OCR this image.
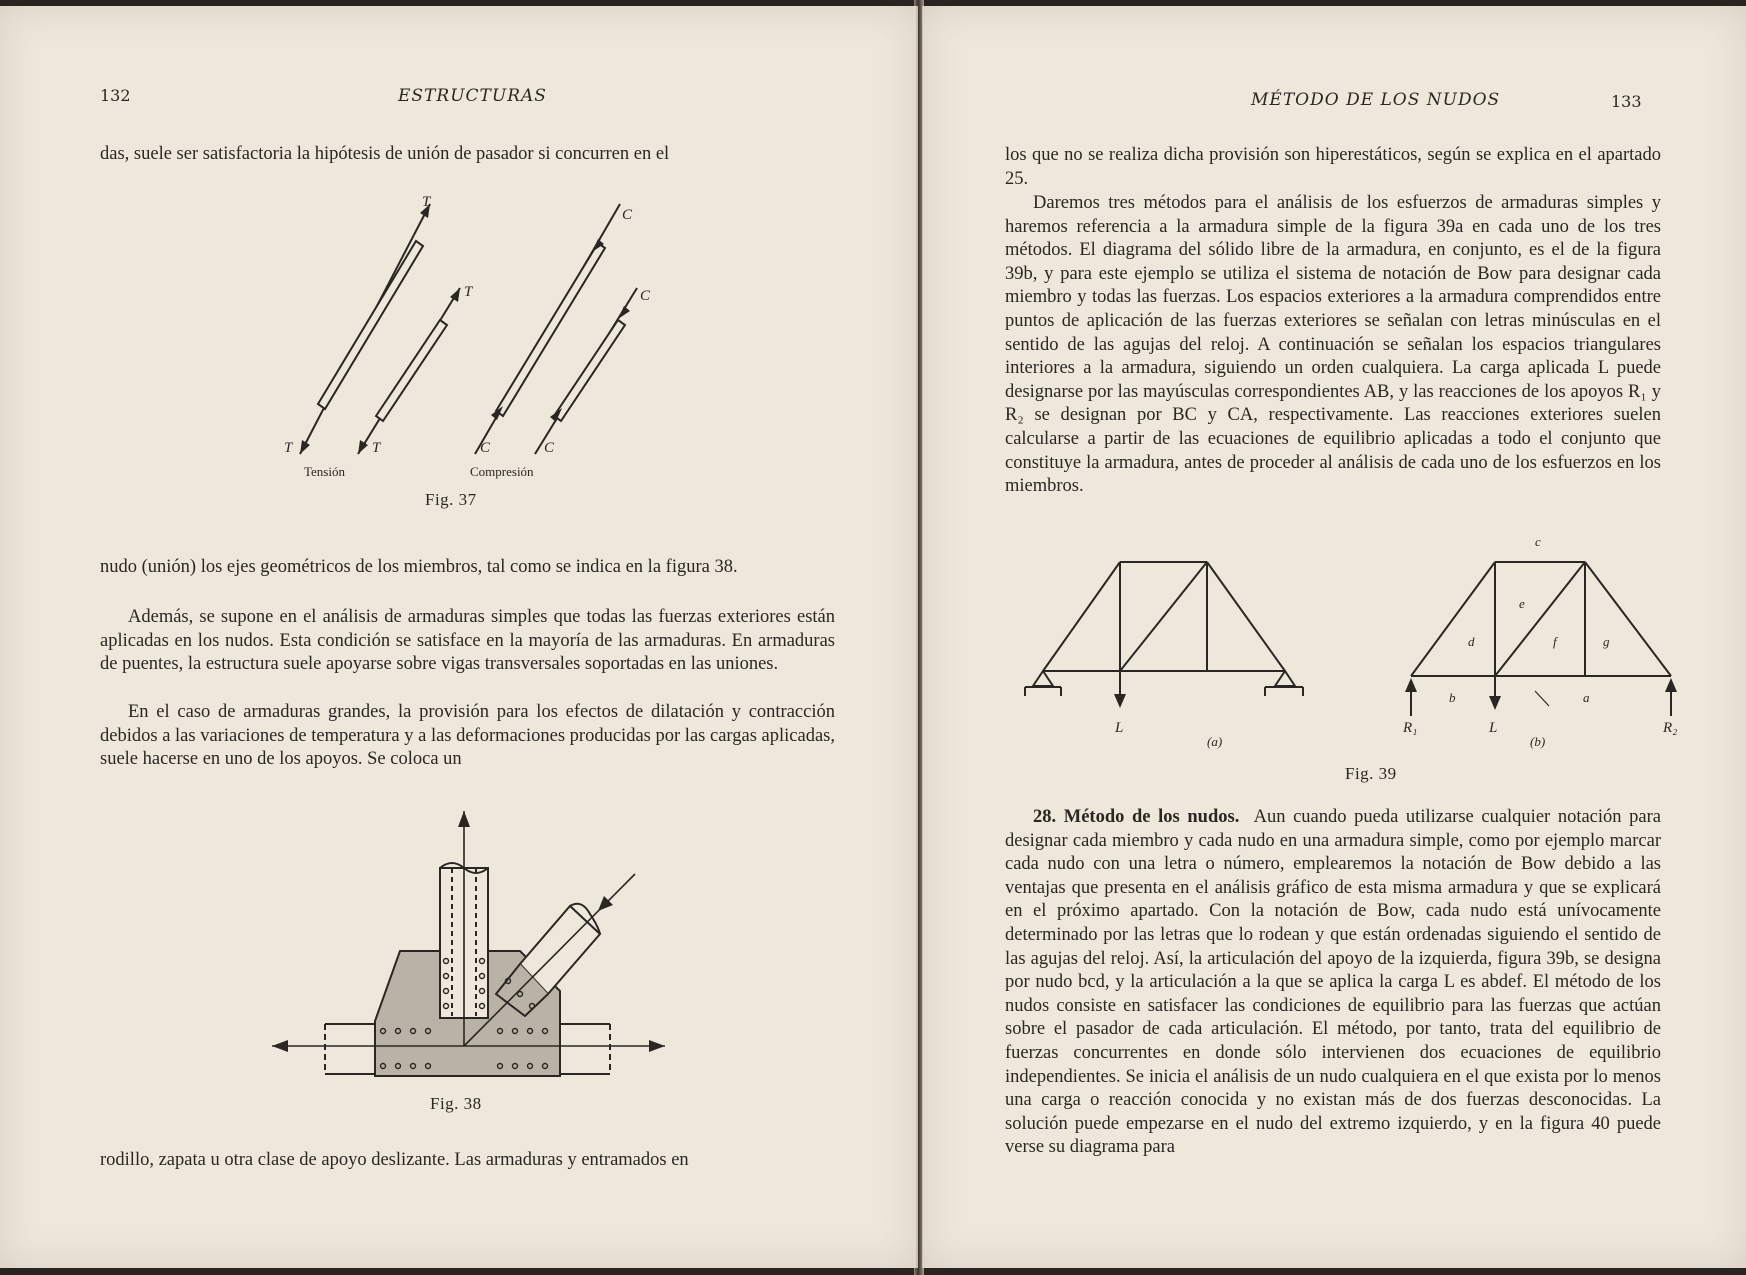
132	ESTRUCTURAS

das, suele ser satisfactoria la hipótesis de unión de pasador si concurren en el

T
T
T
T
C
C
C	C
Tensión	Compresión
Fig. 37

nudo (unión) los ejes geométricos de los miembros, tal como se indica en la figura 38.

Además, se supone en el análisis de armaduras simples que todas las fuerzas exteriores están aplicadas en los nudos. Esta condición se satisface en la mayoría de las armaduras. En armaduras de puentes, la estructura suele apoyarse sobre vigas transversales soportadas en las uniones.

En el caso de armaduras grandes, la provisión para los efectos de dilatación y contracción debidos a las variaciones de temperatura y a las deformaciones producidas por las cargas aplicadas, suele hacerse en uno de los apoyos. Se coloca un

Fig. 38

rodillo, zapata u otra clase de apoyo deslizante. Las armaduras y entramados en

MÉTODO DE LOS NUDOS	133

los que no se realiza dicha provisión son hiperestáticos, según se explica en el apartado 25.

Daremos tres métodos para el análisis de los esfuerzos de armaduras simples y haremos referencia a la armadura simple de la figura 39a en cada uno de los tres métodos. El diagrama del sólido libre de la armadura, en conjunto, es el de la figura 39b, y para este ejemplo se utiliza el sistema de notación de Bow para designar cada miembro y todas las fuerzas. Los espacios exteriores a la armadura comprendidos entre puntos de aplicación de las fuerzas exteriores se señalan con letras minúsculas en el sentido de las agujas del reloj. A continuación se señalan los espacios triangulares interiores a la armadura, siguiendo un orden cualquiera. La carga aplicada L puede designarse por las mayúsculas correspondientes AB, y las reacciones de los apoyos R₁ y R₂ se designan por BC y CA, respectivamente. Las reacciones exteriores suelen calcularse a partir de las ecuaciones de equilibrio aplicadas a todo el conjunto que constituye la armadura, antes de proceder al análisis de cada uno de los esfuerzos en los miembros.

L	L
R₁	R₂
c
d
e
f	g
b	a
(a)	(b)
Fig. 39

28. Método de los nudos. Aun cuando pueda utilizarse cualquier notación para designar cada miembro y cada nudo en una armadura simple, como por ejemplo marcar cada nudo con una letra o número, emplearemos la notación de Bow debido a las ventajas que presenta en el análisis gráfico de esta misma armadura y que se explicará en el próximo apartado. Con la notación de Bow, cada nudo está unívocamente determinado por las letras que lo rodean y que están ordenadas siguiendo el sentido de las agujas del reloj. Así, la articulación del apoyo de la izquierda, figura 39b, se designa por nudo bcd, y la articulación a la que se aplica la carga L es abdef. El método de los nudos consiste en satisfacer las condiciones de equilibrio para las fuerzas que actúan sobre el pasador de cada articulación. El método, por tanto, trata del equilibrio de fuerzas concurrentes en donde sólo intervienen dos ecuaciones de equilibrio independientes. Se inicia el análisis de un nudo cualquiera en el que exista por lo menos una carga o reacción conocida y no existan más de dos fuerzas desconocidas. La solución puede empezarse en el nudo del extremo izquierdo, y en la figura 40 puede verse su diagrama para
